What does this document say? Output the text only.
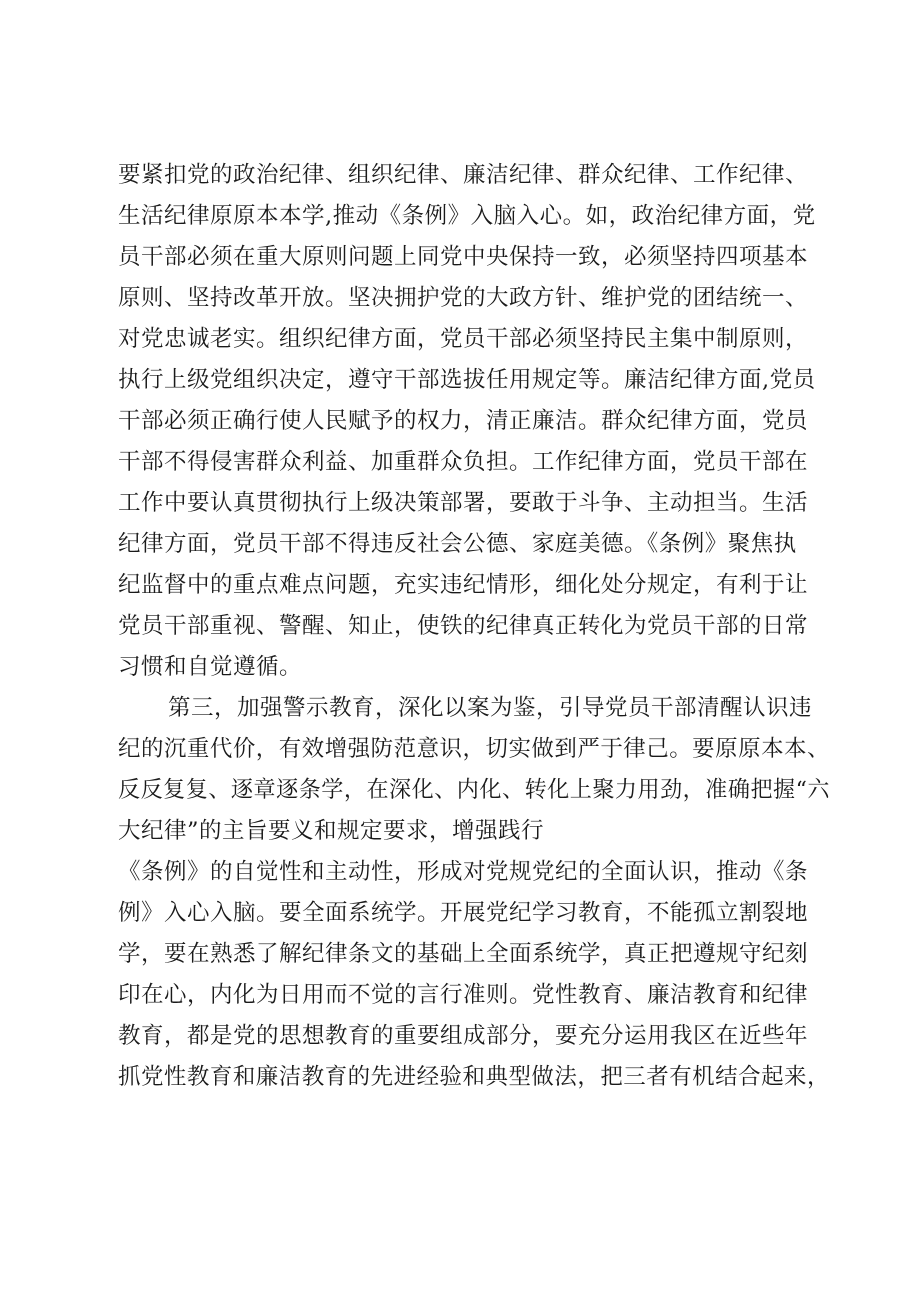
要紧扣党的政治纪律、组织纪律、廉洁纪律、群众纪律、工作纪律、
生活纪律原原本本学,推动《条例》入脑入心。如，政治纪律方面，党
员干部必须在重大原则问题上同党中央保持一致，必须坚持四项基本
原则、坚持改革开放。坚决拥护党的大政方针、维护党的团结统一、
对党忠诚老实。组织纪律方面，党员干部必须坚持民主集中制原则，
执行上级党组织决定，遵守干部选拔任用规定等。廉洁纪律方面,党员
干部必须正确行使人民赋予的权力，清正廉洁。群众纪律方面，党员
干部不得侵害群众利益、加重群众负担。工作纪律方面，党员干部在
工作中要认真贯彻执行上级决策部署，要敢于斗争、主动担当。生活
纪律方面，党员干部不得违反社会公德、家庭美德。《条例》聚焦执
纪监督中的重点难点问题，充实违纪情形，细化处分规定，有利于让
党员干部重视、警醒、知止，使铁的纪律真正转化为党员干部的日常
习惯和自觉遵循。
第三，加强警示教育，深化以案为鉴，引导党员干部清醒认识违
纪的沉重代价，有效增强防范意识，切实做到严于律己。要原原本本、
反反复复、逐章逐条学，在深化、内化、转化上聚力用劲，准确把握“六
大纪律”的主旨要义和规定要求，增强践行
《条例》的自觉性和主动性，形成对党规党纪的全面认识，推动《条
例》入心入脑。要全面系统学。开展党纪学习教育，不能孤立割裂地
学，要在熟悉了解纪律条文的基础上全面系统学，真正把遵规守纪刻
印在心，内化为日用而不觉的言行准则。党性教育、廉洁教育和纪律
教育，都是党的思想教育的重要组成部分，要充分运用我区在近些年
抓党性教育和廉洁教育的先进经验和典型做法，把三者有机结合起来，
